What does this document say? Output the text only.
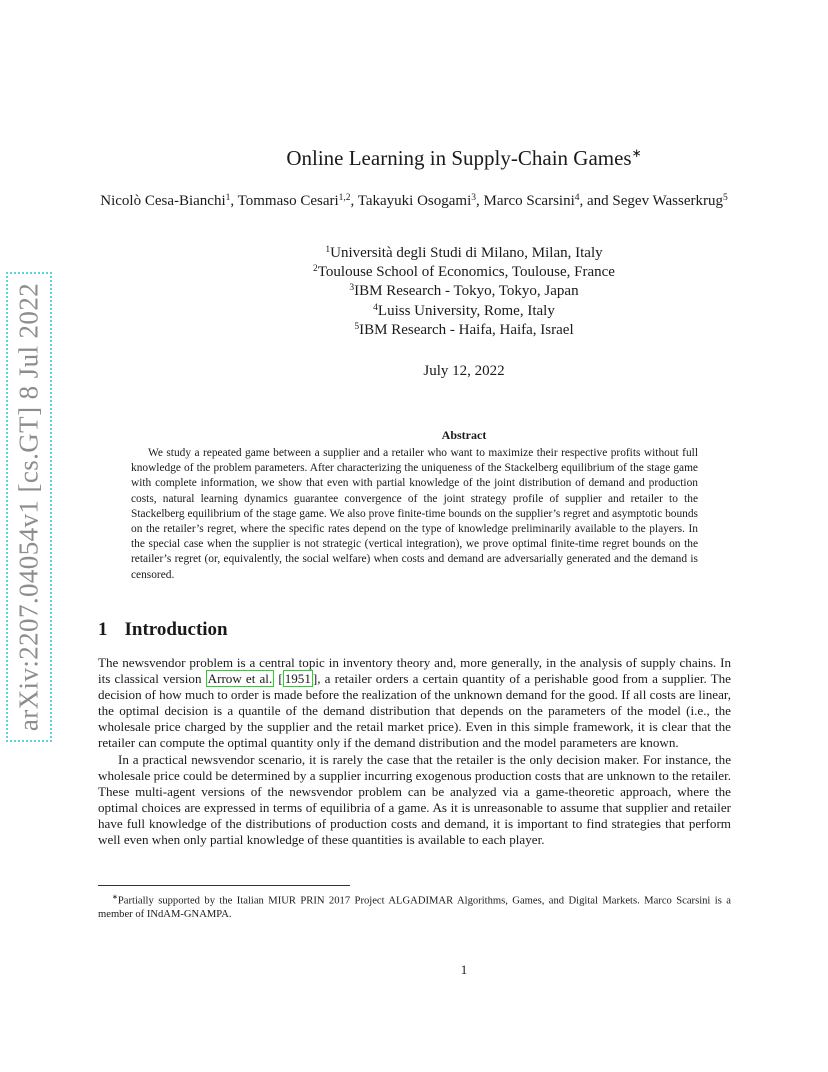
arXiv:2207.04054v1 [cs.GT] 8 Jul 2022
Online Learning in Supply-Chain Games∗
Nicolò Cesa-Bianchi$^1$, Tommaso Cesari$^{1,2}$, Takayuki Osogami$^3$, Marco Scarsini$^4$, and Segev Wasserkrug$^5$
$^1$Università degli Studi di Milano, Milan, Italy
$^2$Toulouse School of Economics, Toulouse, France
$^3$IBM Research - Tokyo, Tokyo, Japan
$^4$Luiss University, Rome, Italy
$^5$IBM Research - Haifa, Haifa, Israel
July 12, 2022
Abstract
We study a repeated game between a supplier and a retailer who want to maximize their respective profits without full knowledge of the problem parameters. After characterizing the uniqueness of the Stackelberg equilibrium of the stage game with complete information, we show that even with partial knowledge of the joint distribution of demand and production costs, natural learning dynamics guarantee convergence of the joint strategy profile of supplier and retailer to the Stackelberg equilibrium of the stage game. We also prove finite-time bounds on the supplier’s regret and asymptotic bounds on the retailer’s regret, where the specific rates depend on the type of knowledge preliminarily available to the players. In the special case when the supplier is not strategic (vertical integration), we prove optimal finite-time regret bounds on the retailer’s regret (or, equivalently, the social welfare) when costs and demand are adversarially generated and the demand is censored.
1 Introduction

The newsvendor problem is a central topic in inventory theory and, more generally, in the analysis of supply chains. In its classical version Arrow et al. [ 1951 ], a retailer orders a certain quantity of a perishable good from a supplier. The decision of how much to order is made before the realization of the unknown demand for the good. If all costs are linear, the optimal decision is a quantile of the demand distribution that depends on the parameters of the model (i.e., the wholesale price charged by the supplier and the retail market price). Even in this simple framework, it is clear that the retailer can compute the optimal quantity only if the demand distribution and the model parameters are known.

In a practical newsvendor scenario, it is rarely the case that the retailer is the only decision maker. For instance, the wholesale price could be determined by a supplier incurring exogenous production costs that are unknown to the retailer. These multi-agent versions of the newsvendor problem can be analyzed via a game-theoretic approach, where the optimal choices are expressed in terms of equilibria of a game. As it is unreasonable to assume that supplier and retailer have full knowledge of the distributions of production costs and demand, it is important to find strategies that perform well even when only partial knowledge of these quantities is available to each player.

∗Partially supported by the Italian MIUR PRIN 2017 Project ALGADIMAR Algorithms, Games, and Digital Markets. Marco Scarsini is a member of INdAM-GNAMPA.
1
